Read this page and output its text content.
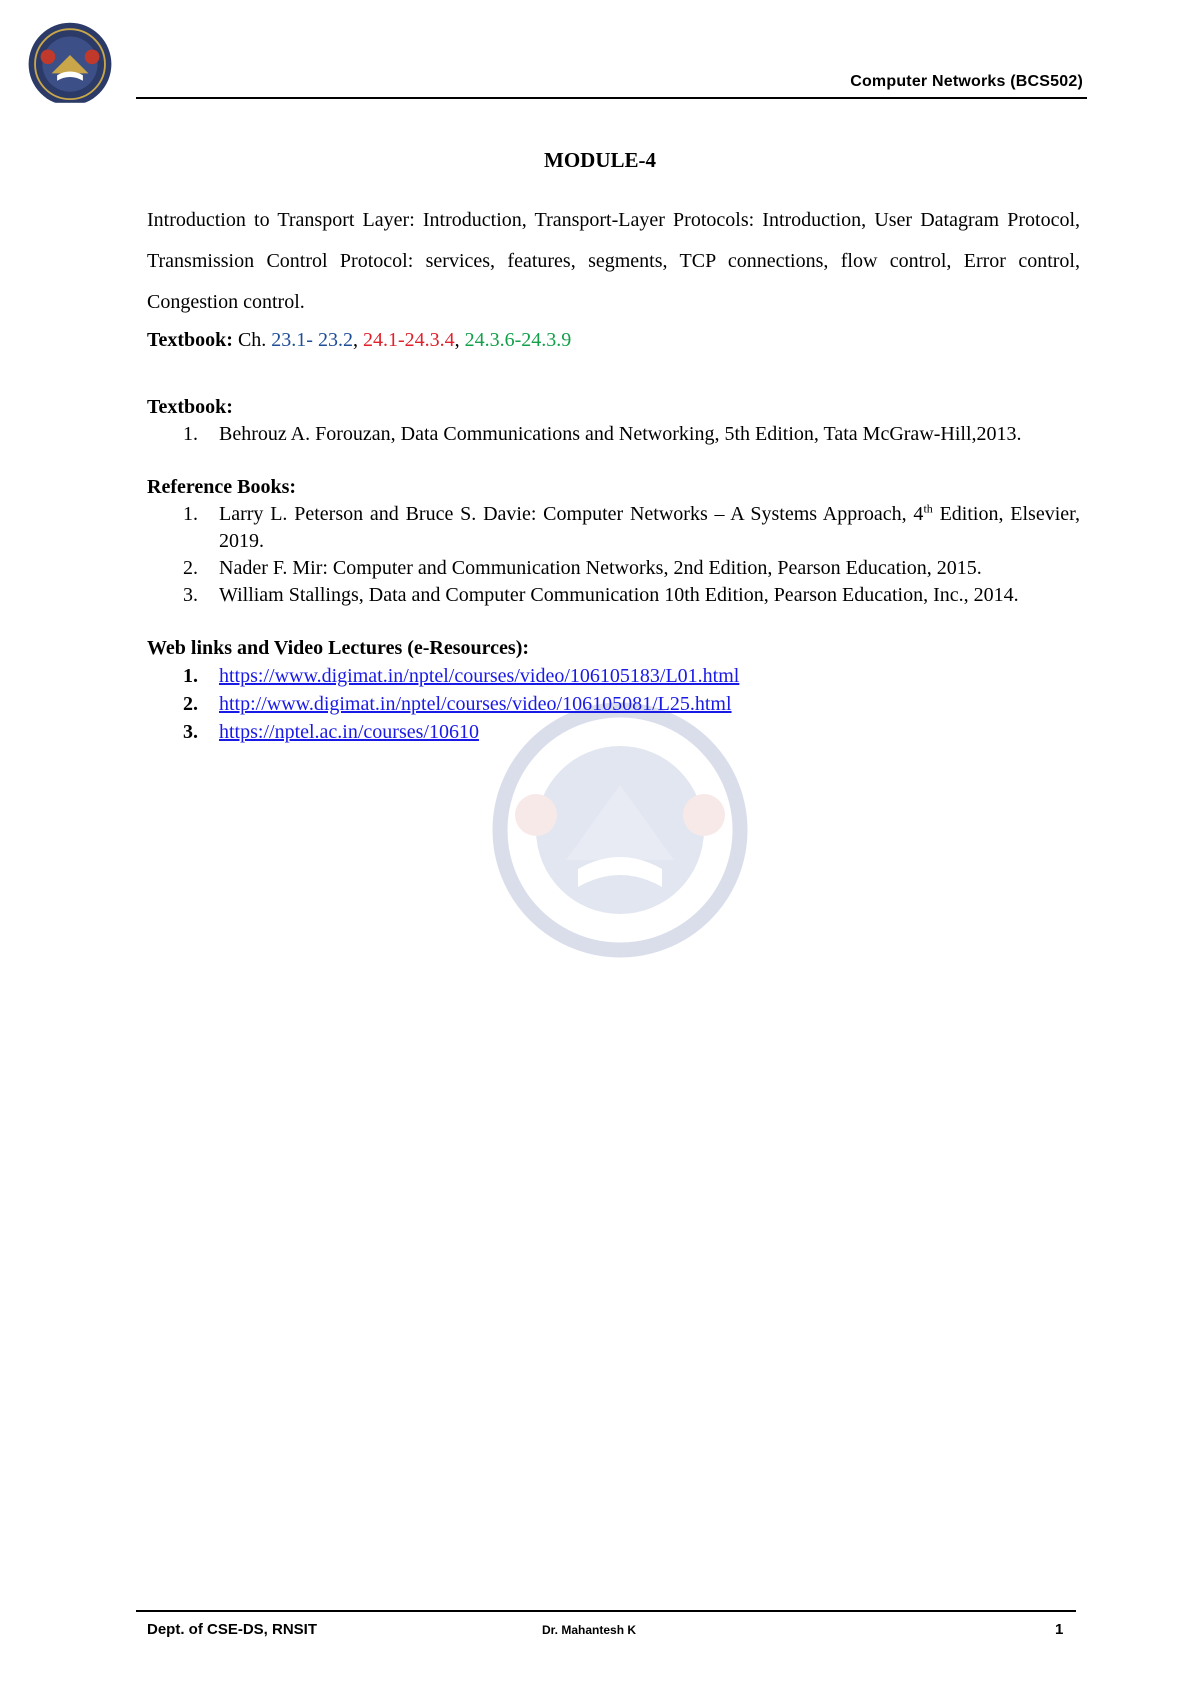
Computer Networks (BCS502)
MODULE-4

Introduction to Transport Layer: Introduction, Transport-Layer Protocols: Introduction, User Datagram Protocol, Transmission Control Protocol: services, features, segments, TCP connections, flow control, Error control, Congestion control.

Textbook: Ch. 23.1- 23.2, 24.1-24.3.4, 24.3.6-24.3.9

Textbook:

1. Behrouz A. Forouzan, Data Communications and Networking, 5th Edition, Tata McGraw-Hill,2013.

Reference Books:

1. Larry L. Peterson and Bruce S. Davie: Computer Networks – A Systems Approach, 4th Edition, Elsevier, 2019.
2. Nader F. Mir: Computer and Communication Networks, 2nd Edition, Pearson Education, 2015.
3. William Stallings, Data and Computer Communication 10th Edition, Pearson Education, Inc., 2014.

Web links and Video Lectures (e-Resources):

1. https://www.digimat.in/nptel/courses/video/106105183/L01.html
2. http://www.digimat.in/nptel/courses/video/106105081/L25.html
3. https://nptel.ac.in/courses/10610
Dept. of CSE-DS, RNSIT	Dr. Mahantesh K	1
